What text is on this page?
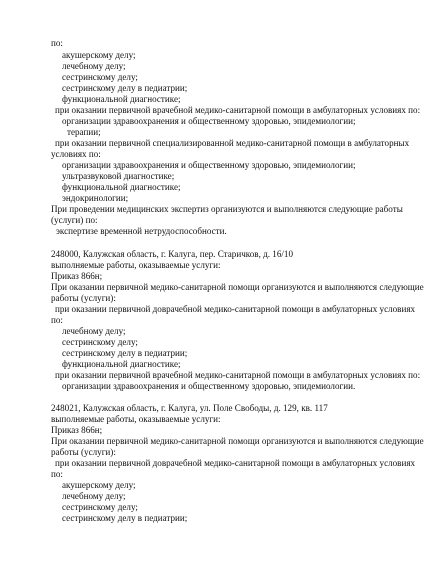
по:
акушерскому делу;
лечебному делу;
сестринскому делу;
сестринскому делу в педиатрии;
функциональной диагностике;
при оказании первичной врачебной медико-санитарной помощи в амбулаторных условиях по:
организации здравоохранения и общественному здоровью, эпидемиологии;
терапии;
при оказании первичной специализированной медико-санитарной помощи в амбулаторных
условиях по:
организации здравоохранения и общественному здоровью, эпидемиологии;
ультразвуковой диагностике;
функциональной диагностике;
эндокринологии;
При проведении медицинских экспертиз организуются и выполняются следующие работы
(услуги) по:
экспертизе временной нетрудоспособности.
248000, Калужская область, г. Калуга, пер. Старичков, д. 16/10
выполняемые работы, оказываемые услуги:
Приказ 866н;
При оказании первичной медико-санитарной помощи организуются и выполняются следующие
работы (услуги):
при оказании первичной доврачебной медико-санитарной помощи в амбулаторных условиях
по:
лечебному делу;
сестринскому делу;
сестринскому делу в педиатрии;
функциональной диагностике;
при оказании первичной врачебной медико-санитарной помощи в амбулаторных условиях по:
организации здравоохранения и общественному здоровью, эпидемиологии.
248021, Калужская область, г. Калуга, ул. Поле Свободы, д. 129, кв. 117
выполняемые работы, оказываемые услуги:
Приказ 866н;
При оказании первичной медико-санитарной помощи организуются и выполняются следующие
работы (услуги):
при оказании первичной доврачебной медико-санитарной помощи в амбулаторных условиях
по:
акушерскому делу;
лечебному делу;
сестринскому делу;
сестринскому делу в педиатрии;
